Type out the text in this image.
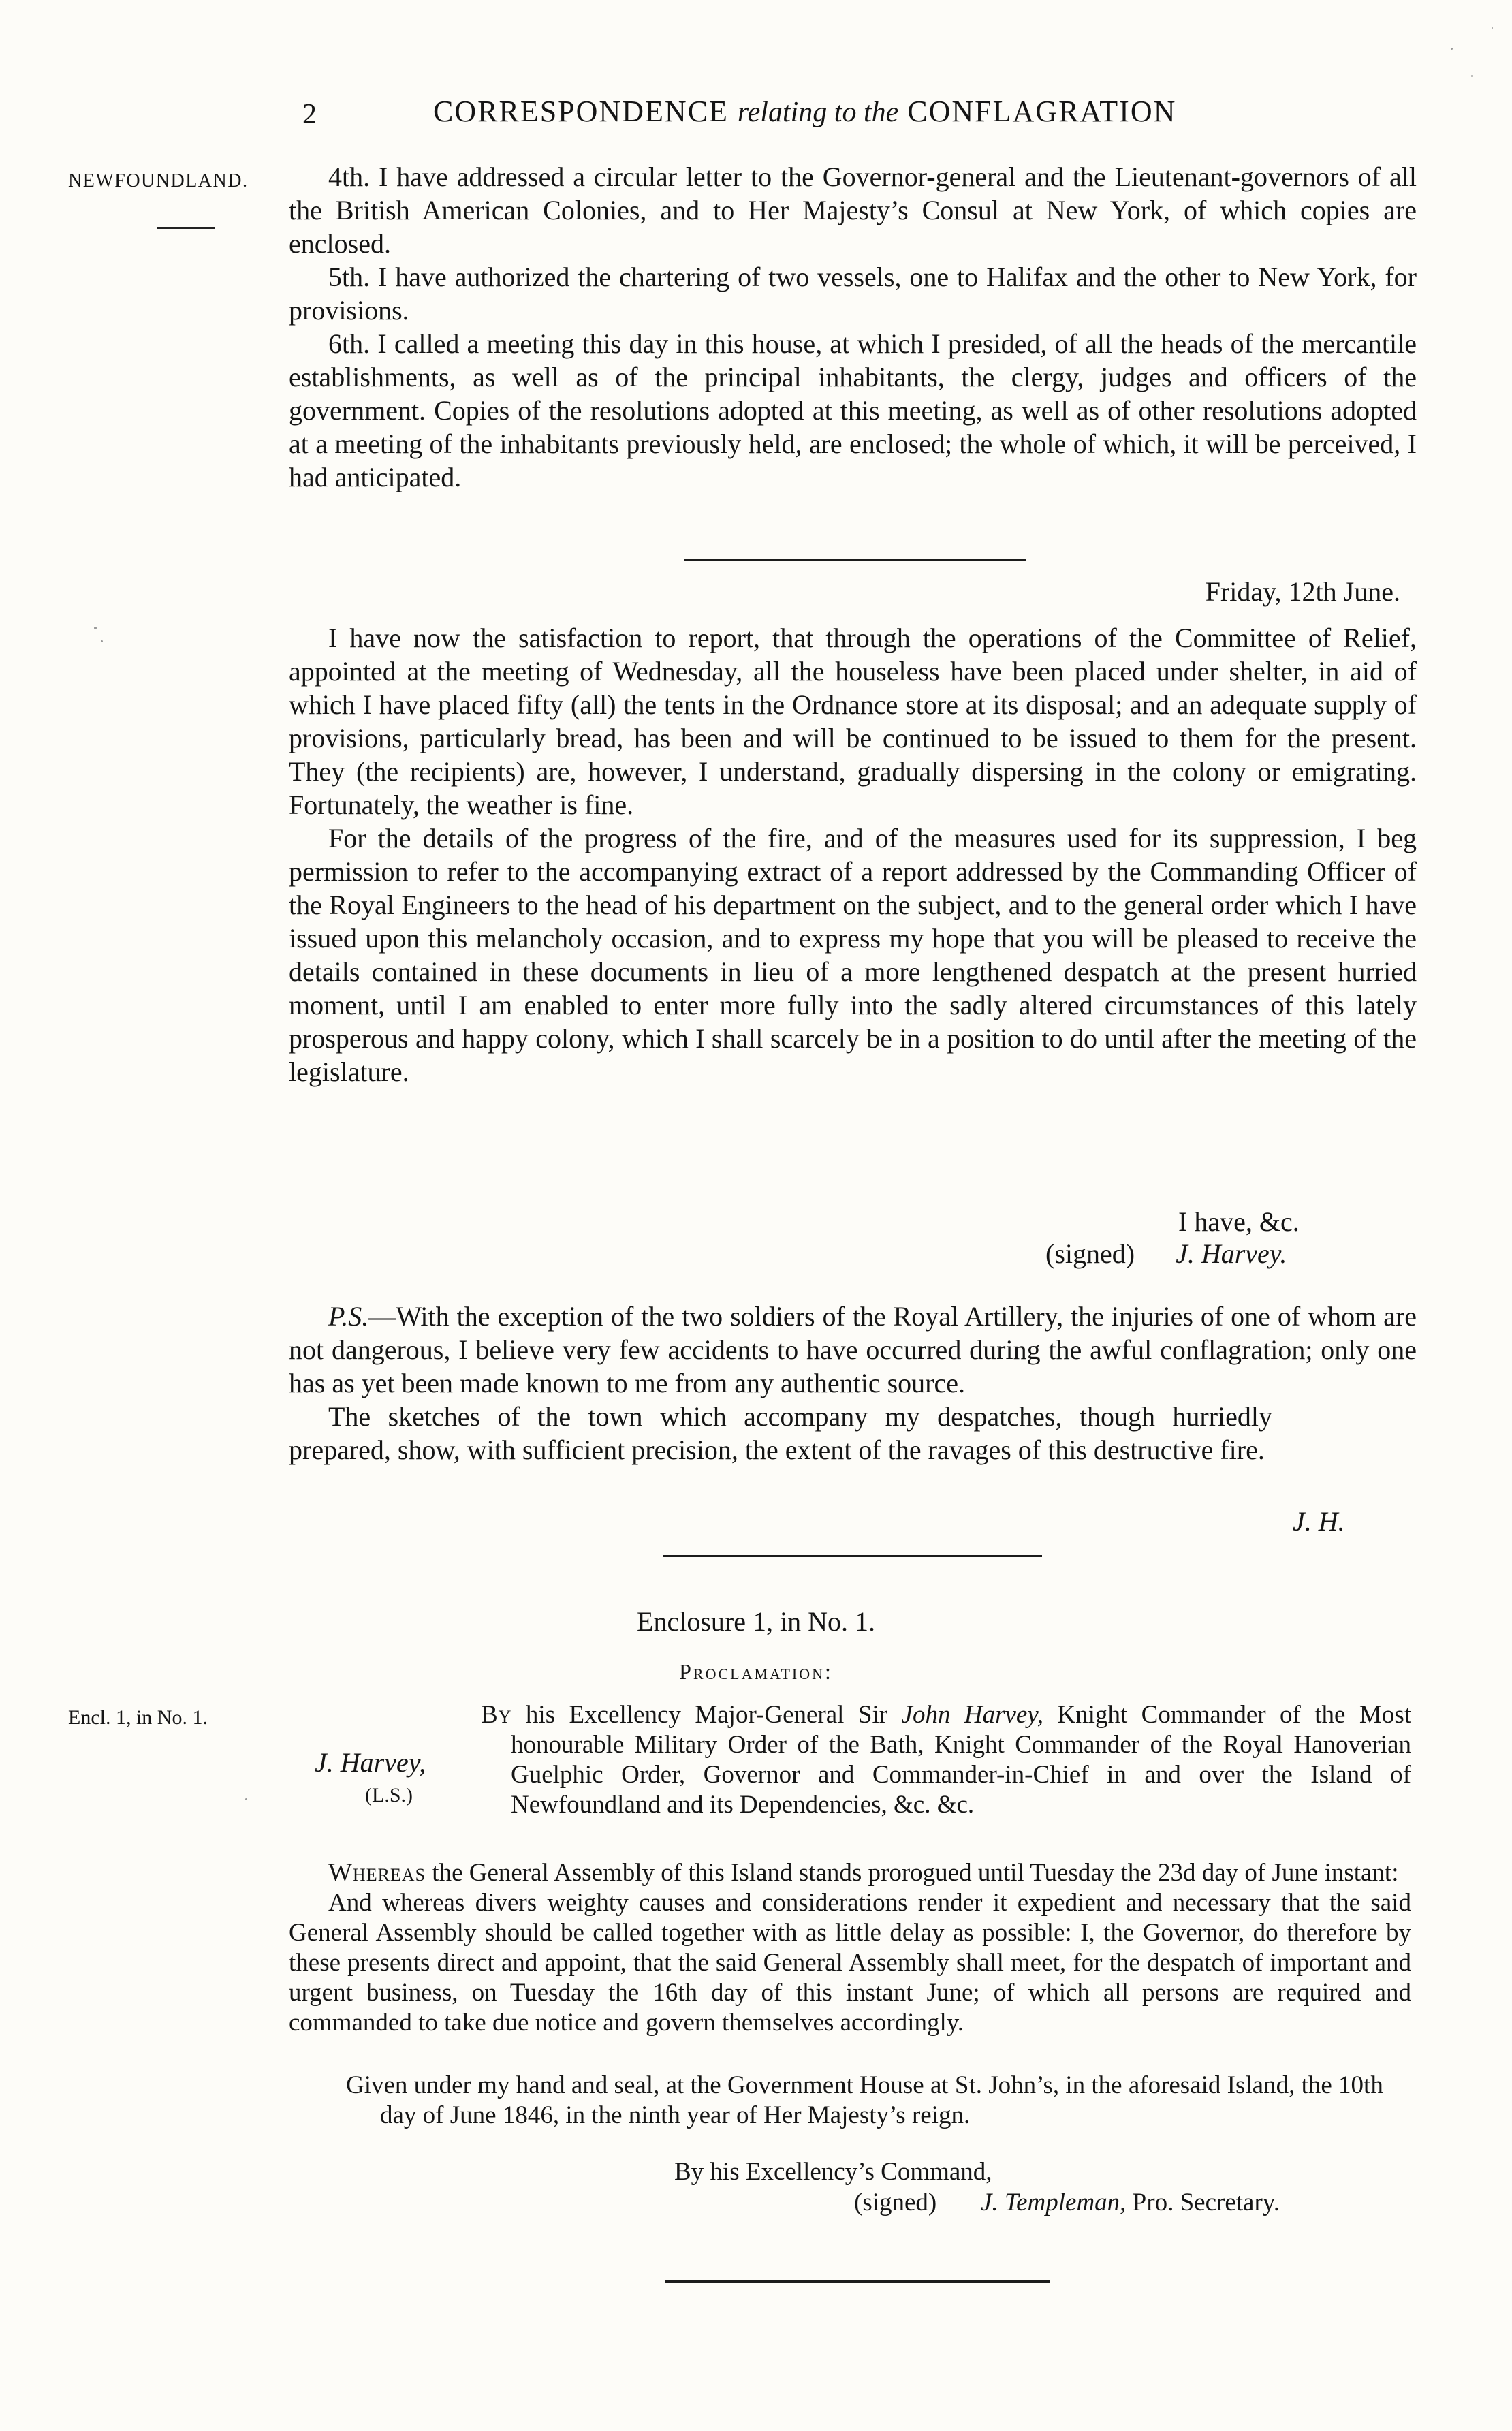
2	CORRESPONDENCE relating to the CONFLAGRATION
NEWFOUNDLAND.	4th. I have addressed a circular letter to the Governor-general and the Lieutenant-governors of all the British American Colonies, and to Her Majesty’s Consul at New York, of which copies are enclosed.

5th. I have authorized the chartering of two vessels, one to Halifax and the other to New York, for provisions.

6th. I called a meeting this day in this house, at which I presided, of all the heads of the mercantile establishments, as well as of the principal inhabitants, the clergy, judges and officers of the government. Copies of the resolutions adopted at this meeting, as well as of other resolutions adopted at a meeting of the inhabitants previously held, are enclosed; the whole of which, it will be perceived, I had anticipated.

Friday, 12th June.

I have now the satisfaction to report, that through the operations of the Committee of Relief, appointed at the meeting of Wednesday, all the houseless have been placed under shelter, in aid of which I have placed fifty (all) the tents in the Ordnance store at its disposal; and an adequate supply of provisions, particularly bread, has been and will be continued to be issued to them for the present. They (the recipients) are, however, I understand, gradually dispersing in the colony or emigrating. Fortunately, the weather is fine.

For the details of the progress of the fire, and of the measures used for its suppression, I beg permission to refer to the accompanying extract of a report addressed by the Commanding Officer of the Royal Engineers to the head of his department on the subject, and to the general order which I have issued upon this melancholy occasion, and to express my hope that you will be pleased to receive the details contained in these documents in lieu of a more lengthened despatch at the present hurried moment, until I am enabled to enter more fully into the sadly altered circumstances of this lately prosperous and happy colony, which I shall scarcely be in a position to do until after the meeting of the legislature.

I have, &c.
(signed) J. Harvey.

P.S.—With the exception of the two soldiers of the Royal Artillery, the injuries of one of whom are not dangerous, I believe very few accidents to have occurred during the awful conflagration; only one has as yet been made known to me from any authentic source.

The sketches of the town which accompany my despatches, though hurriedly prepared, show, with sufficient precision, the extent of the ravages of this destructive fire.

J. H.
Enclosure 1, in No. 1.
Proclamation:
Encl. 1, in No. 1.
J. Harvey,
(L.S.)

By his Excellency Major-General Sir John Harvey, Knight Commander of the Most honourable Military Order of the Bath, Knight Commander of the Royal Hanoverian Guelphic Order, Governor and Commander-in-Chief in and over the Island of Newfoundland and its Dependencies, &c. &c.

Whereas the General Assembly of this Island stands prorogued until Tuesday the 23d day of June instant:

And whereas divers weighty causes and considerations render it expedient and necessary that the said General Assembly should be called together with as little delay as possible: I, the Governor, do therefore by these presents direct and appoint, that the said General Assembly shall meet, for the despatch of important and urgent business, on Tuesday the 16th day of this instant June; of which all persons are required and commanded to take due notice and govern themselves accordingly.

Given under my hand and seal, at the Government House at St. John’s, in the aforesaid Island, the 10th day of June 1846, in the ninth year of Her Majesty’s reign.

By his Excellency’s Command,
(signed) J. Templeman, Pro. Secretary.
